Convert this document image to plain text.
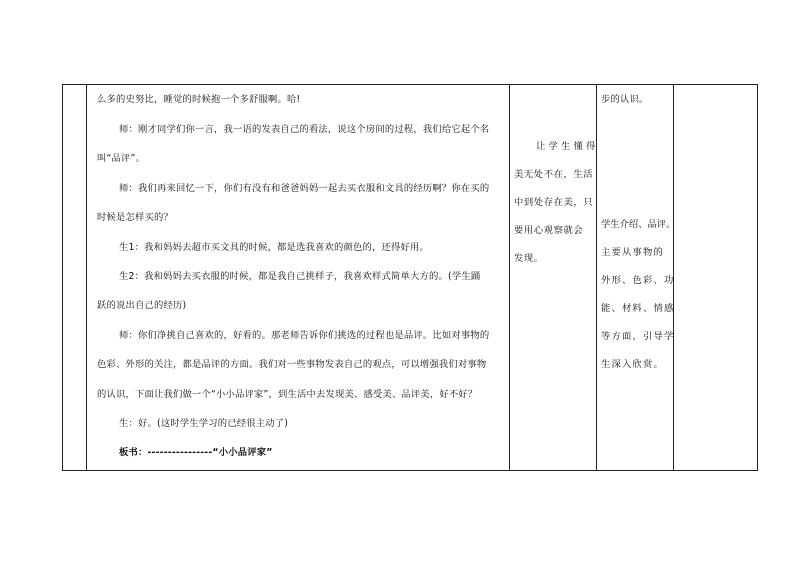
么多的史努比，睡觉的时候抱一个多舒服啊。哈!
师：刚才同学们你一言，我一语的发表自己的看法，说这个房间的过程，我们给它起个名
叫“品评”。
师：我们再来回忆一下，你们有没有和爸爸妈妈一起去买衣服和文具的经历啊？你在买的
时候是怎样买的？
生1：我和妈妈去超市买文具的时候，都是选我喜欢的颜色的，还得好用。
生2：我和妈妈去买衣服的时候，都是我自己挑样子，我喜欢样式简单大方的。(学生踊
跃的说出自己的经历)
师：你们净挑自己喜欢的，好看的。那老师告诉你们挑选的过程也是品评。比如对事物的
色彩、外形的关注，都是品评的方面。我们对一些事物发表自己的观点，可以增强我们对事物
的认识，下面让我们做一个“小小品评家”，到生活中去发现美、感受美、品评美，好不好？
生：好。(这时学生学习的已经很主动了)
板书：----------------“小小品评家”
让学生懂得
美无处不在，生活
中到处存在美，只
要用心观察就会
发现。
步的认识。
学生介绍、品评。
主要从事物的
外形、色彩、功
能、材料、情感
等方面，引导学
生深入欣赏。
